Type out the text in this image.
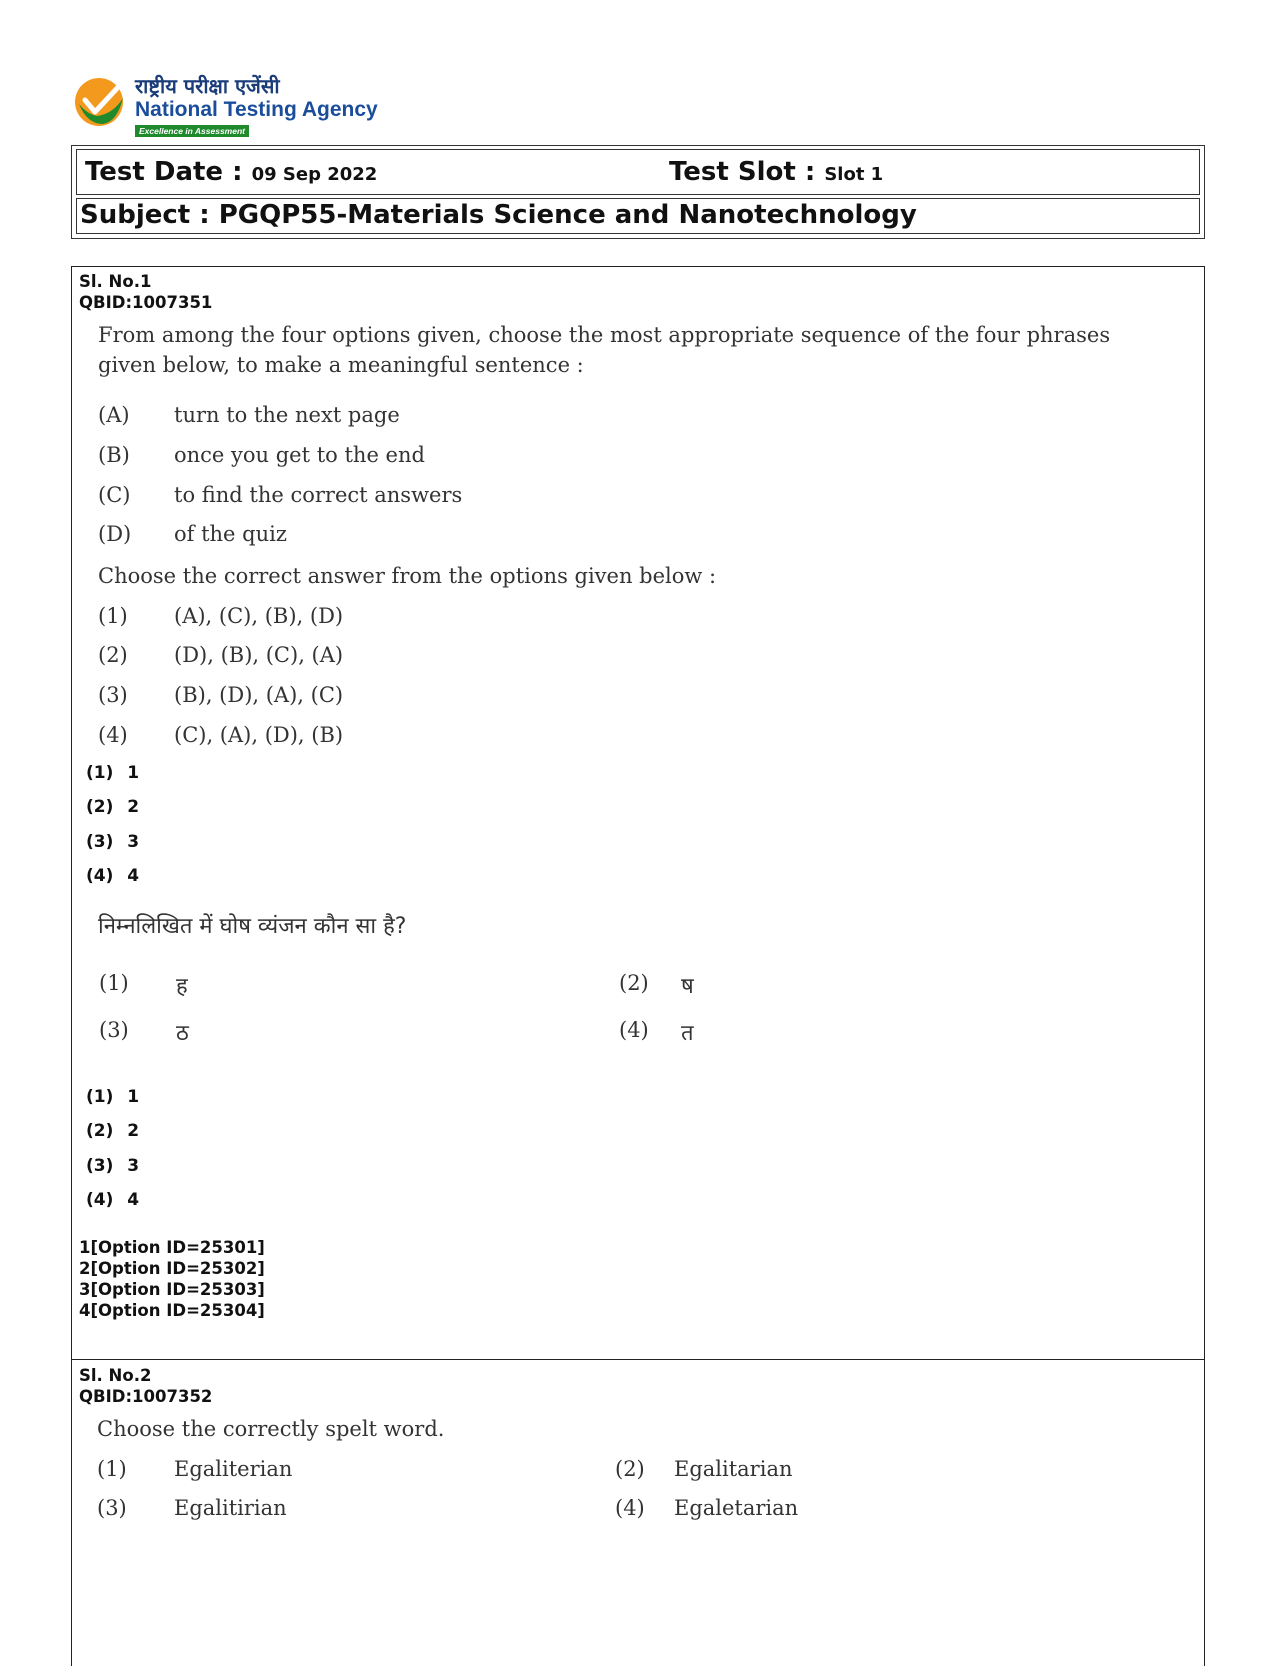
राष्ट्रीय परीक्षा एजेंसी
National Testing Agency
Excellence in Assessment
Test Date : 09 Sep 2022	Test Slot : Slot 1
Subject : PGQP55-Materials Science and Nanotechnology
Sl. No.1
QBID:1007351
From among the four options given, choose the most appropriate sequence of the four phrases
given below, to make a meaningful sentence :
(A) turn to the next page
(B) once you get to the end
(C) to find the correct answers
(D) of the quiz
Choose the correct answer from the options given below :
(1) (A), (C), (B), (D)
(2) (D), (B), (C), (A)
(3) (B), (D), (A), (C)
(4) (C), (A), (D), (B)
(1) 1
(2) 2
(3) 3
(4) 4
निम्नलिखित में घोष व्यंजन कौन सा है?
(1) ह	(2) ष
(3) ठ	(4) त
(1) 1
(2) 2
(3) 3
(4) 4
1[Option ID=25301]
2[Option ID=25302]
3[Option ID=25303]
4[Option ID=25304]
Sl. No.2
QBID:1007352
Choose the correctly spelt word.
(1) Egaliterian	(2) Egalitarian
(3) Egalitirian	(4) Egaletarian
